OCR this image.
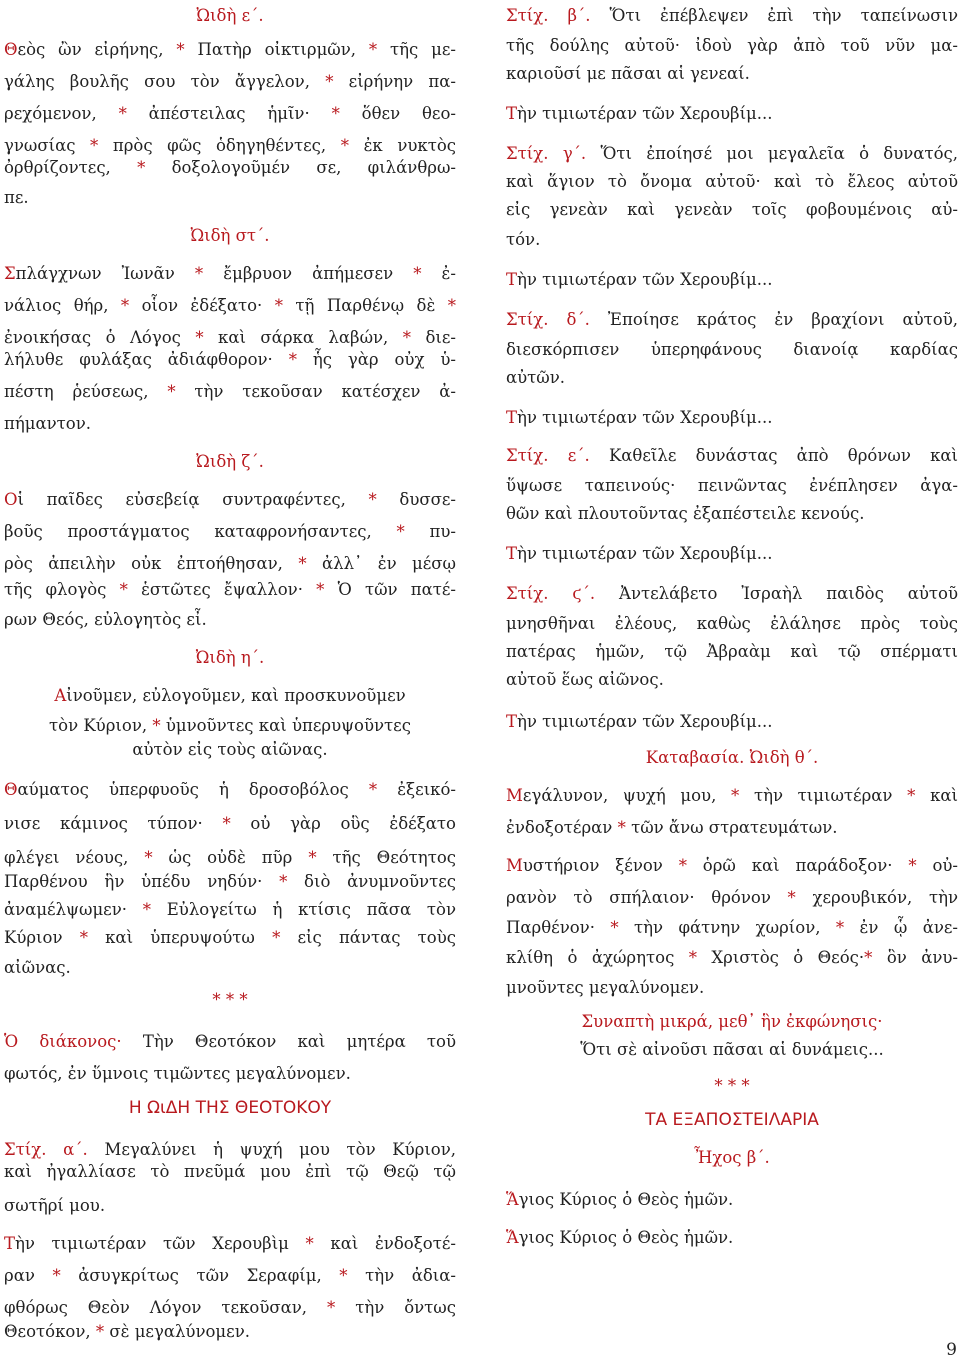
Ὠιδὴ ε΄.
Θεὸς ὢν εἰρήνης, * Πατὴρ οἰκτιρμῶν, * τῆς με-
γάλης βουλῆς σου τὸν ἄγγελον, * εἰρήνην πα-
ρεχόμενον, * ἀπέστειλας ἡμῖν· * ὅθεν θεο-
γνωσίας * πρὸς φῶς ὁδηγηθέντες, * ἐκ νυκτὸς
ὀρθρίζοντες, * δοξολογοῦμέν σε, φιλάνθρω-
πε.
Ὠιδὴ στ΄.
Σπλάγχνων Ἰωνᾶν * ἔμβρυον ἀπήμεσεν * ἐ-
νάλιος θήρ, * οἷον ἐδέξατο· * τῇ Παρθένῳ δὲ *
ἐνοικήσας ὁ Λόγος * καὶ σάρκα λαβών, * διε-
λήλυθε φυλάξας ἀδιάφθορον· * ἧς γὰρ οὐχ ὑ-
πέστη ῥεύσεως, * τὴν τεκοῦσαν κατέσχεν ἀ-
πήμαντον.
Ὠιδὴ ζ΄.
Οἱ παῖδες εὐσεβείᾳ συντραφέντες, * δυσσε-
βοῦς προστάγματος καταφρονήσαντες, * πυ-
ρὸς ἀπειλὴν οὐκ ἐπτοήθησαν, * ἀλλ᾽ ἐν μέσῳ
τῆς φλογὸς * ἑστῶτες ἔψαλλον· * Ὁ τῶν πατέ-
ρων Θεός, εὐλογητὸς εἶ.
Ὠιδὴ η΄.
Αἰνοῦμεν, εὐλογοῦμεν, καὶ προσκυνοῦμεν
τὸν Κύριον, * ὑμνοῦντες καὶ ὑπερυψοῦντες
αὐτὸν εἰς τοὺς αἰῶνας.
Θαύματος ὑπερφυοῦς ἡ δροσοβόλος * ἐξεικό-
νισε κάμινος τύπον· * οὐ γὰρ οὓς ἐδέξατο
φλέγει νέους, * ὡς οὐδὲ πῦρ * τῆς Θεότητος
Παρθένου ἣν ὑπέδυ νηδύν· * διὸ ἀνυμνοῦντες
ἀναμέλψωμεν· * Εὐλογείτω ἡ κτίσις πᾶσα τὸν
Κύριον * καὶ ὑπερυψούτω * εἰς πάντας τοὺς
αἰῶνας.
* * *
Ὁ διάκονος· Τὴν Θεοτόκον καὶ μητέρα τοῦ
φωτός, ἐν ὕμνοις τιμῶντες μεγαλύνομεν.
Η ΩιΔΗ ΤΗΣ ΘΕΟΤΟΚΟΥ
Στίχ. α΄. Μεγαλύνει ἡ ψυχή μου τὸν Κύριον,
καὶ ἠγαλλίασε τὸ πνεῦμά μου ἐπὶ τῷ Θεῷ τῷ
σωτῆρί μου.
Τὴν τιμιωτέραν τῶν Χερουβὶμ * καὶ ἐνδοξοτέ-
ραν * ἀσυγκρίτως τῶν Σεραφίμ, * τὴν ἀδια-
φθόρως Θεὸν Λόγον τεκοῦσαν, * τὴν ὄντως
Θεοτόκον, * σὲ μεγαλύνομεν.
Στίχ. β΄. Ὅτι ἐπέβλεψεν ἐπὶ τὴν ταπείνωσιν
τῆς δούλης αὐτοῦ· ἰδοὺ γὰρ ἀπὸ τοῦ νῦν μα-
καριοῦσί με πᾶσαι αἱ γενεαί.
Τὴν τιμιωτέραν τῶν Χερουβίμ...
Στίχ. γ΄. Ὅτι ἐποίησέ μοι μεγαλεῖα ὁ δυνατός,
καὶ ἅγιον τὸ ὄνομα αὐτοῦ· καὶ τὸ ἔλεος αὐτοῦ
εἰς γενεὰν καὶ γενεὰν τοῖς φοβουμένοις αὐ-
τόν.
Τὴν τιμιωτέραν τῶν Χερουβίμ...
Στίχ. δ΄. Ἐποίησε κράτος ἐν βραχίονι αὐτοῦ,
διεσκόρπισεν ὑπερηφάνους διανοίᾳ καρδίας
αὐτῶν.
Τὴν τιμιωτέραν τῶν Χερουβίμ...
Στίχ. ε΄. Καθεῖλε δυνάστας ἀπὸ θρόνων καὶ
ὕψωσε ταπεινούς· πεινῶντας ἐνέπλησεν ἀγα-
θῶν καὶ πλουτοῦντας ἐξαπέστειλε κενούς.
Τὴν τιμιωτέραν τῶν Χερουβίμ...
Στίχ. ϛ΄. Ἀντελάβετο Ἰσραὴλ παιδὸς αὐτοῦ
μνησθῆναι ἐλέους, καθὼς ἐλάλησε πρὸς τοὺς
πατέρας ἡμῶν, τῷ Ἀβραὰμ καὶ τῷ σπέρματι
αὐτοῦ ἕως αἰῶνος.
Τὴν τιμιωτέραν τῶν Χερουβίμ...
Καταβασία. Ὠιδὴ θ΄.
Μεγάλυνον, ψυχή μου, * τὴν τιμιωτέραν * καὶ
ἐνδοξοτέραν * τῶν ἄνω στρατευμάτων.
Μυστήριον ξένον * ὁρῶ καὶ παράδοξον· * οὐ-
ρανὸν τὸ σπήλαιον· θρόνον * χερουβικόν, τὴν
Παρθένον· * τὴν φάτνην χωρίον, * ἐν ᾧ ἀνε-
κλίθη ὁ ἀχώρητος * Χριστὸς ὁ Θεός·* ὃν ἀνυ-
μνοῦντες μεγαλύνομεν.
Συναπτὴ μικρά, μεθ᾽ ἣν ἐκφώνησις·
Ὅτι σὲ αἰνοῦσι πᾶσαι αἱ δυνάμεις...
* * *
ΤΑ ΕΞΑΠΟΣΤΕΙΛΑΡΙΑ
Ἦχος β΄.
Ἅγιος Κύριος ὁ Θεὸς ἡμῶν.
Ἅγιος Κύριος ὁ Θεὸς ἡμῶν.
9
